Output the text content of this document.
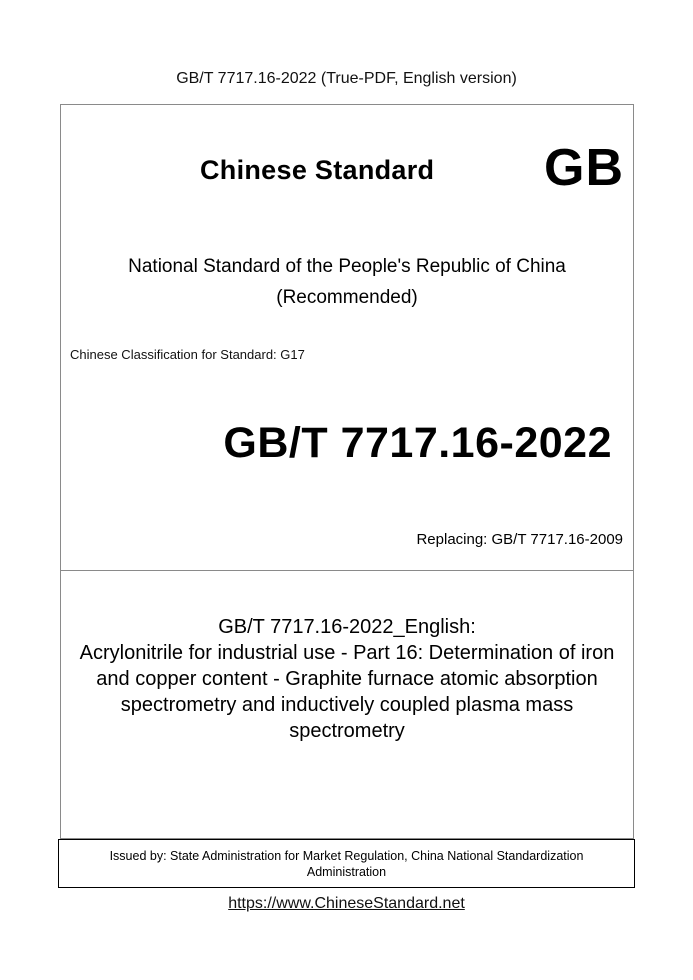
GB/T 7717.16-2022 (True-PDF, English version)
Chinese Standard GB
National Standard of the People's Republic of China
(Recommended)
Chinese Classification for Standard: G17
GB/T 7717.16-2022
Replacing: GB/T 7717.16-2009
GB/T 7717.16-2022_English:
Acrylonitrile for industrial use - Part 16: Determination of iron
and copper content - Graphite furnace atomic absorption
spectrometry and inductively coupled plasma mass
spectrometry
Issued by: State Administration for Market Regulation, China National Standardization
Administration
https://www.ChineseStandard.net
